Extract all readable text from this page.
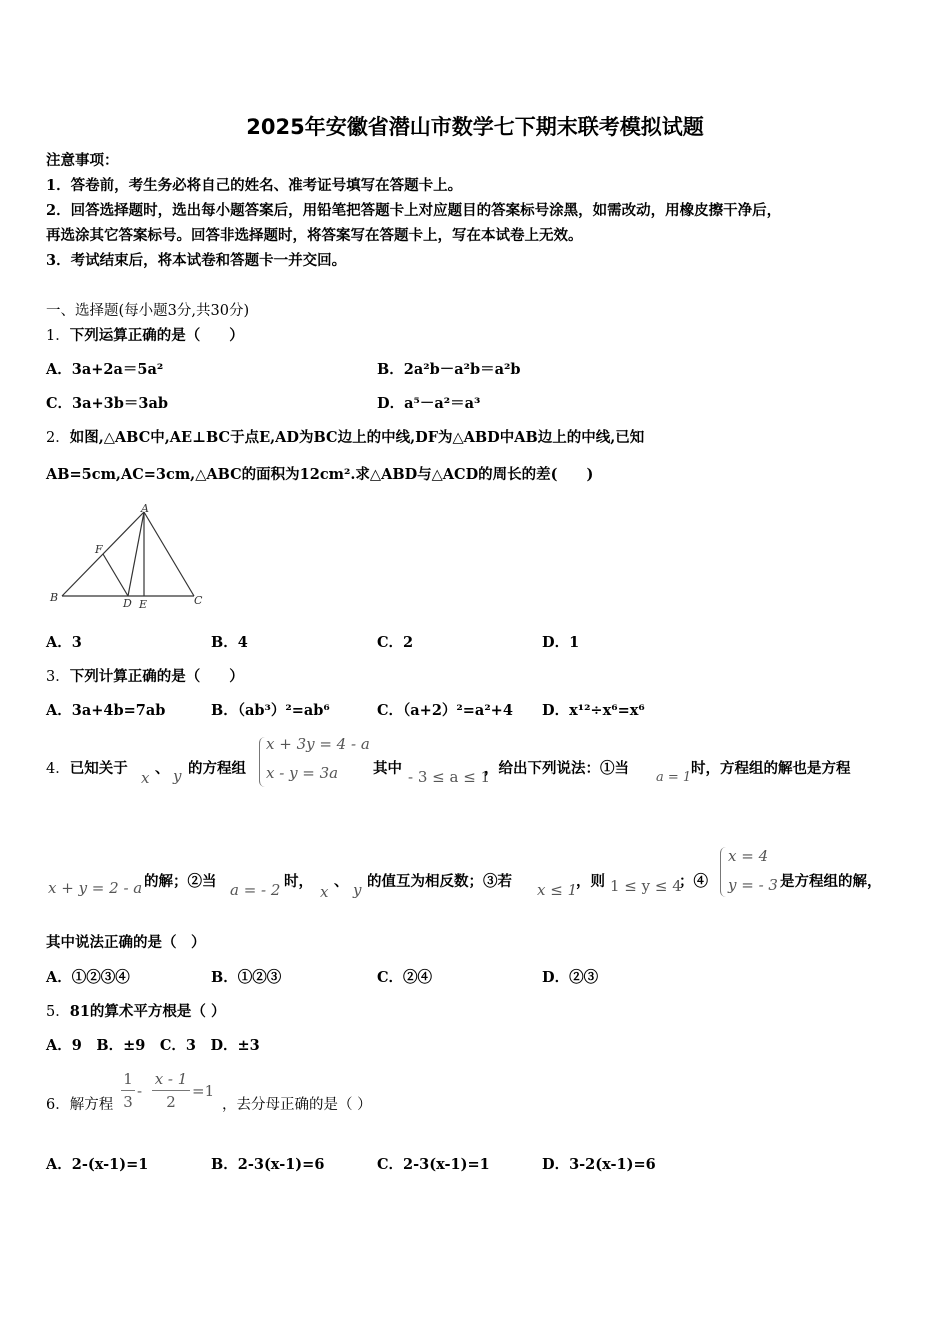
2025年安徽省潜山市数学七下期末联考模拟试题
注意事项：
1．答卷前，考生务必将自己的姓名、准考证号填写在答题卡上。
2．回答选择题时，选出每小题答案后，用铅笔把答题卡上对应题目的答案标号涂黑，如需改动，用橡皮擦干净后，
再选涂其它答案标号。回答非选择题时，将答案写在答题卡上，写在本试卷上无效。
3．考试结束后，将本试卷和答题卡一并交回。
一、选择题(每小题3分,共30分)
1．下列运算正确的是（　　）
A．3a+2a＝5a²	B．2a²b－a²b＝a²b
C．3a+3b＝3ab	D．a⁵－a²＝a³
2．如图,△ABC中,AE⊥BC于点E,AD为BC边上的中线,DF为△ABD中AB边上的中线,已知
AB=5cm,AC=3cm,△ABC的面积为12cm².求△ABD与△ACD的周长的差(　　)
A
B	C
D E
F
A．3	B．4	C．2	D．1
3．下列计算正确的是（　　）
A．3a+4b=7ab	B．（ab³）²=ab⁶	C．（a+2）²=a²+4 D．x¹²÷x⁶=x⁶
4．已知关于
x
、 y 的方程组
x + 3y = 4 - a
x - y = 3a 其中 - 3 ≤ a ≤ 1
，给出下列说法：①当
a = 1
时，方程组的解也是方程
x + y = 2 - a 的解；②当 a = - 2 时，
x
、 y 的值互为相反数；③若 x ≤ 1
，则 1 ≤ y ≤ 4
；④
x = 4
y = - 3 是方程组的解，
其中说法正确的是（　）
A．①②③④	B．①②③	C．②④	D．②③
5．81的算术平方根是（ ）
A．9　B．±9　C．3　D．±3
6．解方程
1
3
-
x - 1
2
=1
，去分母正确的是（ ）
A．2-(x-1)=1	B．2-3(x-1)=6	C．2-3(x-1)=1	D．3-2(x-1)=6
